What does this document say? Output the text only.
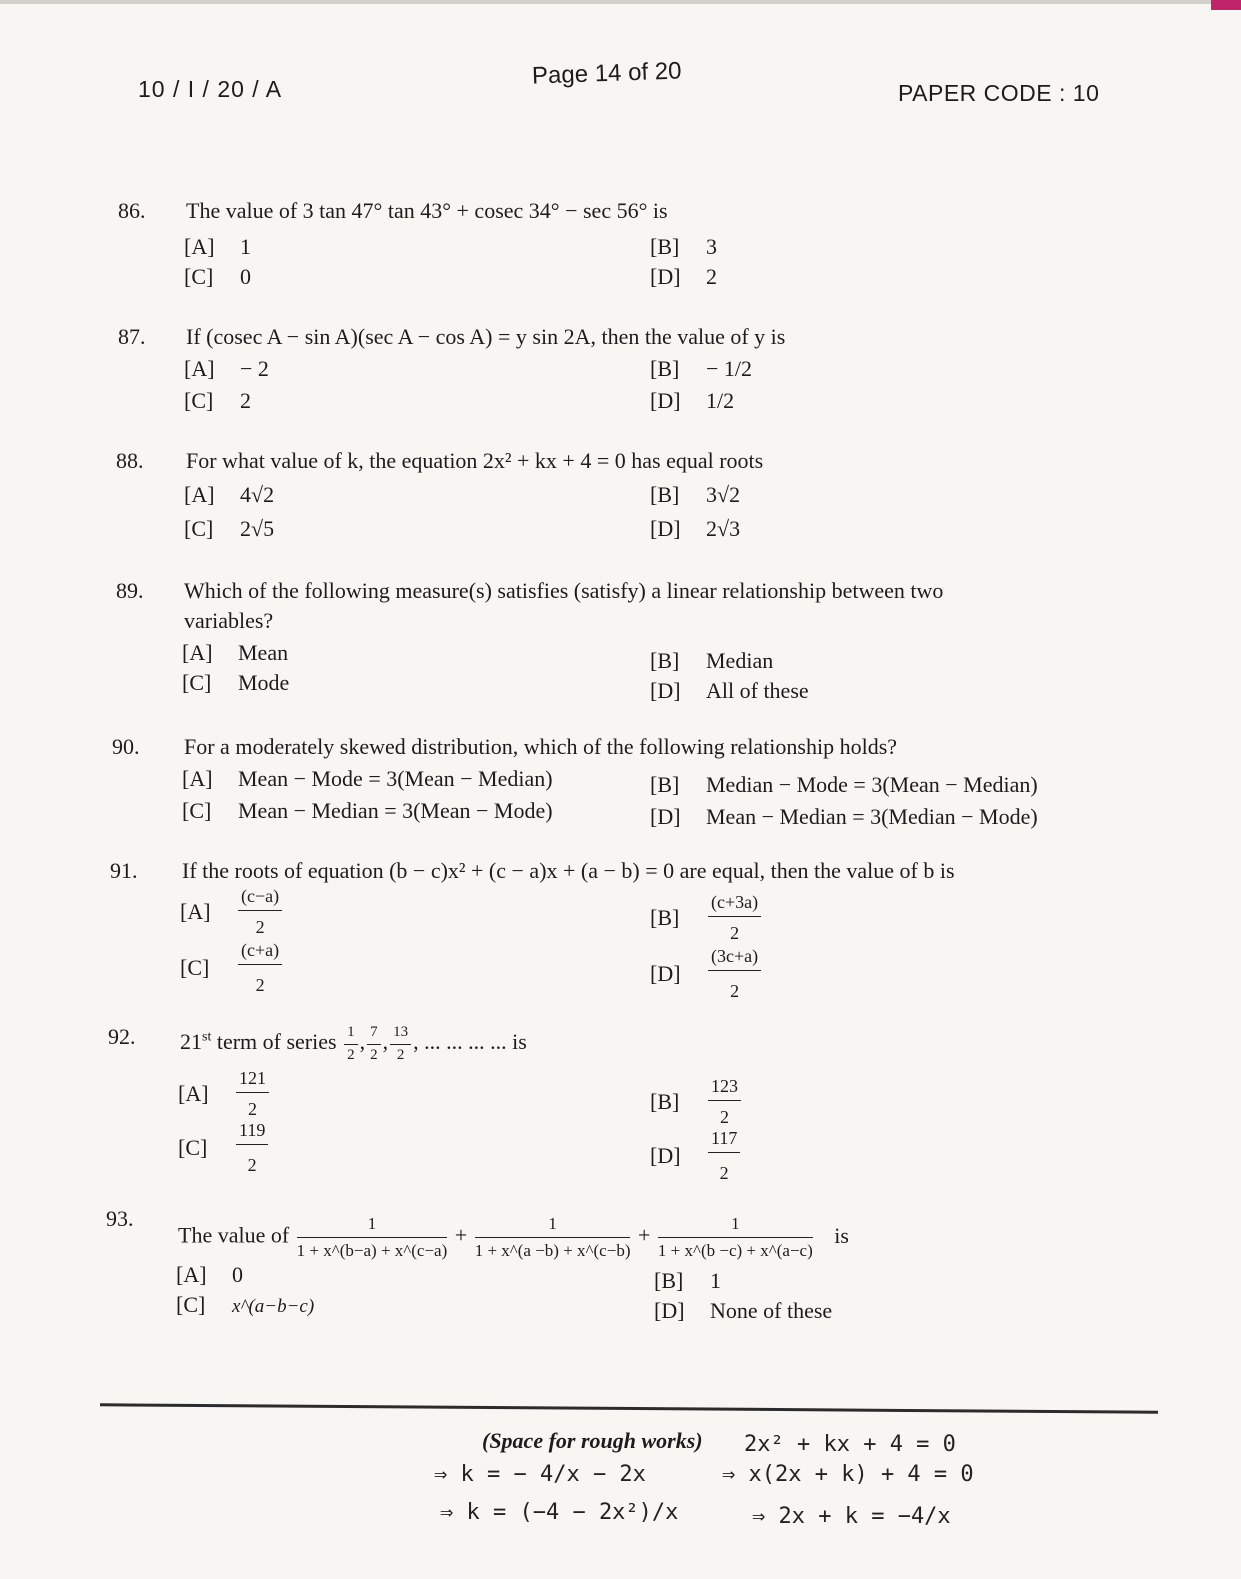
10 / I / 20 / A	Page 14 of 20
PAPER CODE : 10
86. The value of 3 tan 47° tan 43° + cosec 34° − sec 56° is
[A] 1	[B] 3
[C] 0	[D] 2
87. If (cosec A − sin A)(sec A − cos A) = y sin 2A, then the value of y is
[A] − 2	[B] − 1/2
[C] 2	[D] 1/2
88. For what value of k, the equation 2x² + kx + 4 = 0 has equal roots
[A] 4√2	[B] 3√2
[C] 2√5	[D] 2√3
89. Which of the following measure(s) satisfies (satisfy) a linear relationship between two
variables?
[A] Mean	[B] Median
[C] Mode	[D] All of these
90. For a moderately skewed distribution, which of the following relationship holds?
[A] Mean − Mode = 3(Mean − Median)	[B] Median − Mode = 3(Mean − Median)
[C] Mean − Median = 3(Mean − Mode)	[D] Mean − Median = 3(Median − Mode)
91. If the roots of equation (b − c)x² + (c − a)x + (a − b) = 0 are equal, then the value of b is
$[A] \frac{(c-a)}{2}$	$[B] \frac{(c+3a)}{2}$
$[C] \frac{(c+a)}{2}$	$[D] \frac{(3c+a)}{2}$
92. 21st term of series $\frac{1}{2}$ , $\frac{7}{2}$ , $\frac{13}{2}$ , ... ... ... ... is
$[A] \frac{121}{2}$	$[B] \frac{123}{2}$
$[C] \frac{119}{2}$	$[D] \frac{117}{2}$
93.
The value of $\frac{1}{1 + x\^{}(b-a) + x\^{}(c-a)} + \frac{1}{1 + x\^{}(a -b) + x\^{}(c-b)} + \frac{1}{1 + x\^{}(b -c) + x\^{}(a-c)}$ is
[A] 0	[B] 1
[C] x^(a−b−c)	[D] None of these
(Space for rough works) 2x² + kx + 4 = 0
⇒ k = − 4/x − 2x	⇒ x(2x + k) + 4 = 0
⇒ k = (−4 − 2x²)/x	⇒ 2x + k = −4/x
